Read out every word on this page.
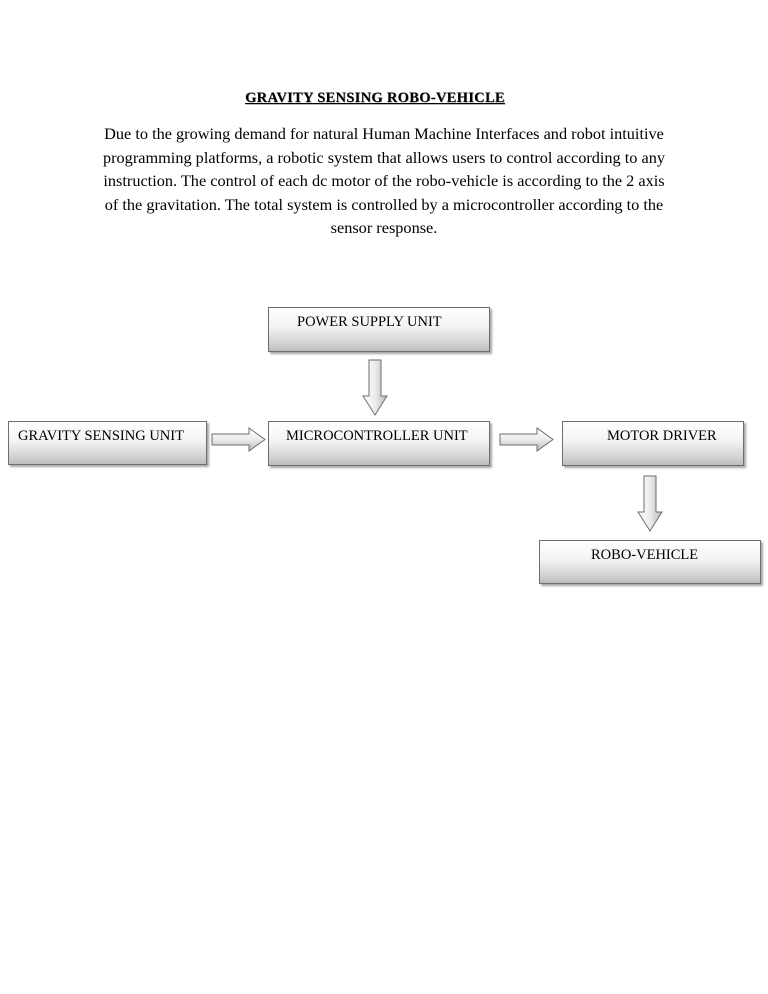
GRAVITY SENSING ROBO-VEHICLE
Due to the growing demand for natural Human Machine Interfaces and robot intuitive programming platforms, a robotic system that allows users to control according to any instruction. The control of each dc motor of the robo-vehicle is according to the 2 axis of the gravitation. The total system is controlled by a microcontroller according to the sensor response.
POWER SUPPLY UNIT
GRAVITY SENSING UNIT	MICROCONTROLLER UNIT	MOTOR DRIVER
ROBO-VEHICLE
